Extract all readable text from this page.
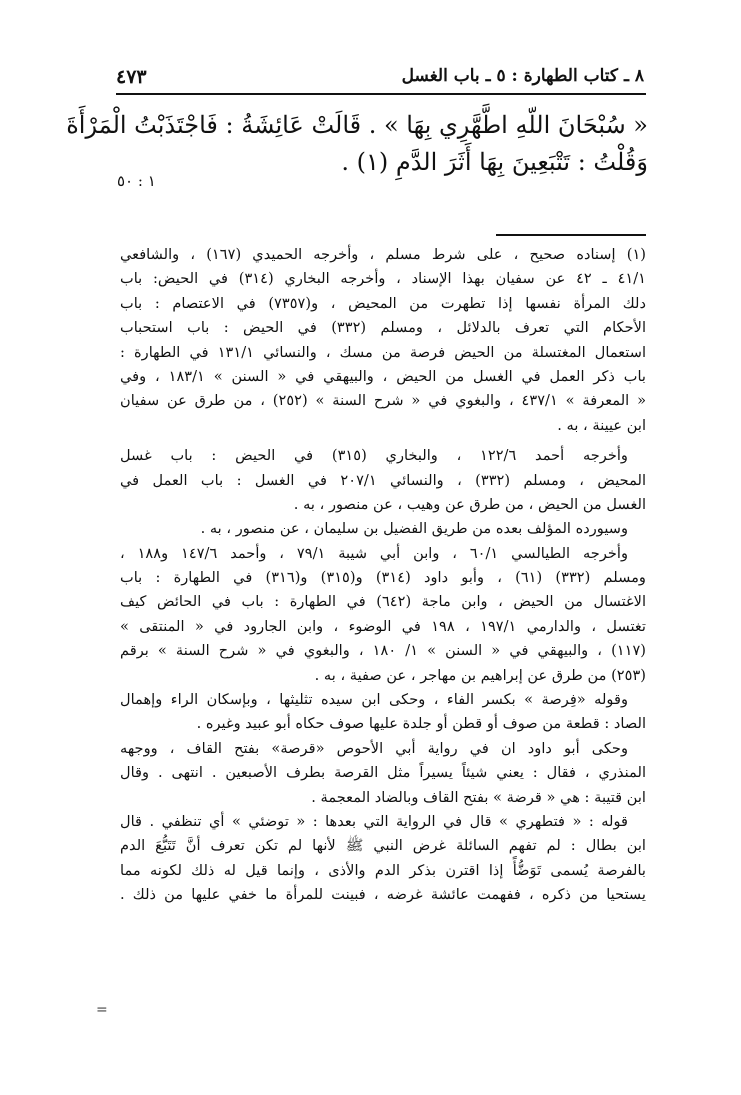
٨ ـ كتاب الطهارة : ٥ ـ باب الغسل
٤٧٣
« سُبْحَانَ اللّهِ اطَّهَّرِي بِهَا » . قَالَتْ عَائِشَةُ : فَاجْتَذَبْتُ الْمَرْأَةَ
وَقُلْتُ : تَتْبَعِينَ بِهَا أَثَرَ الدَّمِ (١) .
١ : ٥٠
(١) إسناده صحيح ، على شرط مسلم ، وأخرجه الحميدي (١٦٧) ، والشافعي
٤١/١ ـ ٤٢ عن سفيان بهذا الإسناد ، وأخرجه البخاري (٣١٤) في الحيض: باب
دلك المرأة نفسها إذا تطهرت من المحيض ، و(٧٣٥٧) في الاعتصام : باب
الأحكام التي تعرف بالدلائل ، ومسلم (٣٣٢) في الحيض : باب استحباب
استعمال المغتسلة من الحيض فرصة من مسك ، والنسائي ١٣١/١ في الطهارة :
باب ذكر العمل في الغسل من الحيض ، والبيهقي في « السنن » ١٨٣/١ ، وفي
« المعرفة » ٤٣٧/١ ، والبغوي في « شرح السنة » (٢٥٢) ، من طرق عن سفيان
ابن عيينة ، به .
وأخرجه أحمد ١٢٢/٦ ، والبخاري (٣١٥) في الحيض : باب غسل
المحيض ، ومسلم (٣٣٢) ، والنسائي ٢٠٧/١ في الغسل : باب العمل في
الغسل من الحيض ، من طرق عن وهيب ، عن منصور ، به .
وسيورده المؤلف بعده من طريق الفضيل بن سليمان ، عن منصور ، به .
وأخرجه الطيالسي ٦٠/١ ، وابن أبي شيبة ٧٩/١ ، وأحمد ١٤٧/٦ و١٨٨ ،
ومسلم (٣٣٢) (٦١) ، وأبو داود (٣١٤) و(٣١٥) و(٣١٦) في الطهارة : باب
الاغتسال من الحيض ، وابن ماجة (٦٤٢) في الطهارة : باب في الحائض كيف
تغتسل ، والدارمي ١٩٧/١ ، ١٩٨ في الوضوء ، وابن الجارود في « المنتقى »
(١١٧) ، والبيهقي في « السنن » ١/ ١٨٠ ، والبغوي في « شرح السنة » برقم
(٢٥٣) من طرق عن إبراهيم بن مهاجر ، عن صفية ، به .
وقوله «فِرصة » بكسر الفاء ، وحكى ابن سيده تثليثها ، وبإسكان الراء وإهمال
الصاد : قطعة من صوف أو قطن أو جلدة عليها صوف حكاه أبو عبيد وغيره .
وحكى أبو داود ان في رواية أبي الأحوص «قرصة» بفتح القاف ، ووجهه
المنذري ، فقال : يعني شيئاً يسيراً مثل القرصة بطرف الأصبعين . انتهى . وقال
ابن قتيبة : هي « قرضة » بفتح القاف وبالضاد المعجمة .
قوله : « فتطهري » قال في الرواية التي بعدها : « توضئي » أي تنظفي . قال
ابن بطال : لم تفهم السائلة غرض النبي ﷺ لأنها لم تكن تعرف أنَّ تَتَبُّعَ الدم
بالفرصة يُسمى تَوَضُّأً إذا اقترن بذكر الدم والأذى ، وإنما قيل له ذلك لكونه مما
يستحيا من ذكره ، ففهمت عائشة غرضه ، فبينت للمرأة ما خفي عليها من ذلك .
=
